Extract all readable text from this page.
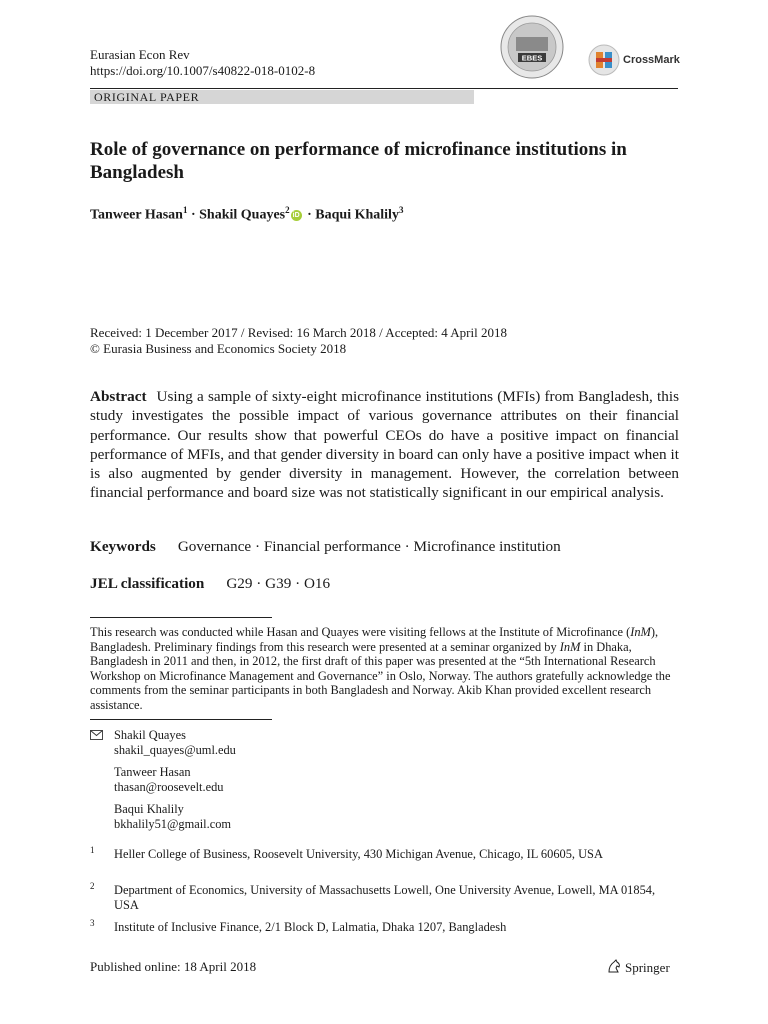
Eurasian Econ Rev
https://doi.org/10.1007/s40822-018-0102-8
EBES	CrossMark
ORIGINAL PAPER
Role of governance on performance of microfinance institutions in Bangladesh
Tanweer Hasan$^1$ · Shakil Quayes$^2$iD · Baqui Khalily$^3$
Received: 1 December 2017 / Revised: 16 March 2018 / Accepted: 4 April 2018
© Eurasia Business and Economics Society 2018
Abstract Using a sample of sixty-eight microfinance institutions (MFIs) from Bangladesh, this study investigates the possible impact of various governance attributes on their financial performance. Our results show that powerful CEOs do have a positive impact on financial performance of MFIs, and that gender diversity in board can only have a positive impact when it is also augmented by gender diversity in management. However, the correlation between financial performance and board size was not statistically significant in our empirical analysis.
Keywords Governance · Financial performance · Microfinance institution
JEL classification G29 · G39 · O16
This research was conducted while Hasan and Quayes were visiting fellows at the Institute of Microfinance (InM), Bangladesh. Preliminary findings from this research were presented at a seminar organized by InM in Dhaka, Bangladesh in 2011 and then, in 2012, the first draft of this paper was presented at the “5th International Research Workshop on Microfinance Management and Governance” in Oslo, Norway. The authors gratefully acknowledge the comments from the seminar participants in both Bangladesh and Norway. Akib Khan provided excellent research assistance.
Shakil Quayes
shakil_quayes@uml.edu
Tanweer Hasan
thasan@roosevelt.edu
Baqui Khalily
bkhalily51@gmail.com
1 Heller College of Business, Roosevelt University, 430 Michigan Avenue, Chicago, IL 60605, USA
2 Department of Economics, University of Massachusetts Lowell, One University Avenue, Lowell, MA 01854, USA
3 Institute of Inclusive Finance, 2/1 Block D, Lalmatia, Dhaka 1207, Bangladesh
Published online: 18 April 2018	Springer
